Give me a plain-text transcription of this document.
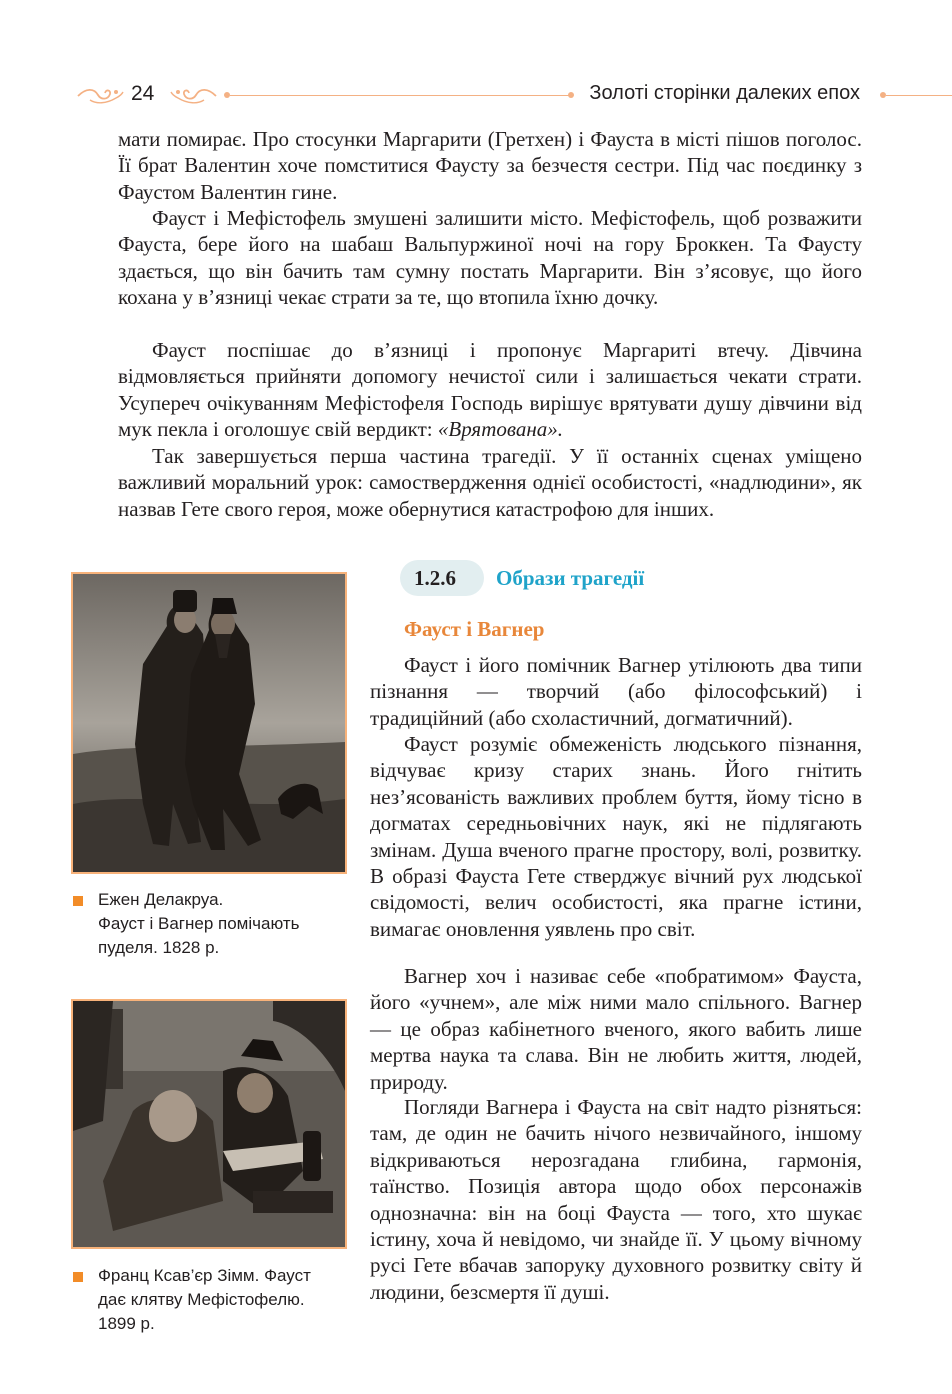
24	Золоті сторінки далеких епох

мати помирає. Про стосунки Маргарити (Гретхен) і Фауста в місті пішов поголос. Її брат Валентин хоче помститися Фаусту за безчестя сестри. Під час поєдинку з Фаустом Валентин гине.

Фауст і Мефістофель змушені залишити місто. Мефістофель, щоб розважити Фауста, бере його на шабаш Вальпуржиної ночі на гору Броккен. Та Фаусту здається, що він бачить там сумну постать Маргарити. Він з’ясовує, що його кохана у в’язниці чекає страти за те, що втопила їхню дочку.

Фауст поспішає до в’язниці і пропонує Маргариті втечу. Дівчина відмовляється прийняти допомогу нечистої сили і залишається чекати страти. Усупереч очікуванням Мефістофеля Господь вирішує врятувати душу дівчини від мук пекла і оголошує свій вердикт: «Врятована».

Так завершується перша частина трагедії. У її останніх сценах уміщено важливий моральний урок: самоствердження однієї особистості, «надлюдини», як назвав Гете свого героя, може обернутися катастрофою для інших.

Ежен Делакруа.
Фауст і Вагнер помічають
пуделя. 1828 р.
Франц Ксав’єр Зімм. Фауст
дає клятву Мефістофелю.
1899 р.
1.2.6 Образи трагедії
Фауст і Вагнер

Фауст і його помічник Вагнер утілюють два типи пізнання — творчий (або філософський) і традиційний (або схоластичний, догматичний).

Фауст розуміє обмеженість людського пізнання, відчуває кризу старих знань. Його гнітить нез’ясованість важливих проблем буття, йому тісно в догматах середньовічних наук, які не підлягають змінам. Душа вченого прагне простору, волі, розвитку. В образі Фауста Гете стверджує вічний рух людської свідомості, велич особистості, яка прагне істини, вимагає оновлення уявлень про світ.

Вагнер хоч і називає себе «побратимом» Фауста, його «учнем», але між ними мало спільного. Вагнер — це образ кабінетного вченого, якого вабить лише мертва наука та слава. Він не любить життя, людей, природу.

Погляди Вагнера і Фауста на світ надто різняться: там, де один не бачить нічого незвичайного, іншому відкриваються нерозгадана глибина, гармонія, таїнство. Позиція автора щодо обох персонажів однозначна: він на боці Фауста — того, хто шукає істину, хоча й невідомо, чи знайде її. У цьому вічному русі Гете вбачав запоруку духовного розвитку світу й людини, безсмертя її душі.
